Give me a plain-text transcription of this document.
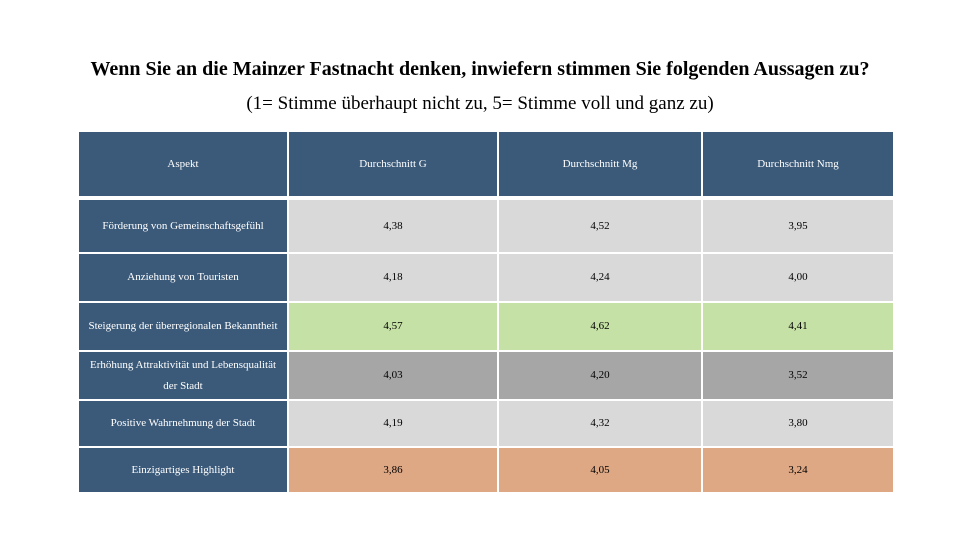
Wenn Sie an die Mainzer Fastnacht denken, inwiefern stimmen Sie folgenden Aussagen zu?
(1= Stimme überhaupt nicht zu, 5= Stimme voll und ganz zu)
Aspekt	Durchschnitt G	Durchschnitt Mg	Durchschnitt Nmg
Förderung von Gemeinschaftsgefühl	4,38	4,52	3,95
Anziehung von Touristen	4,18	4,24	4,00
Steigerung der überregionalen Bekanntheit	4,57	4,62	4,41
Erhöhung Attraktivität und Lebensqualität der Stadt	4,03	4,20	3,52
Positive Wahrnehmung der Stadt	4,19	4,32	3,80
Einzigartiges Highlight	3,86	4,05	3,24
